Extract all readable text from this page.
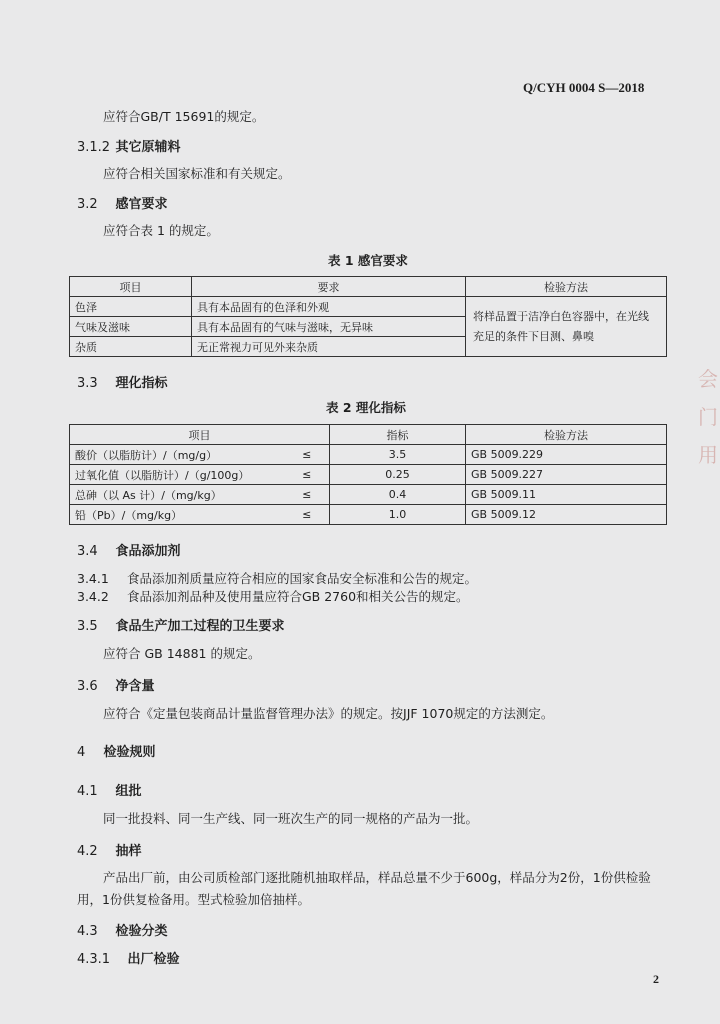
Q/CYH 0004 S—2018
应符合GB/T 15691的规定。
3.1.2 其它原辅料
应符合相关国家标准和有关规定。
3.2 感官要求
应符合表 1 的规定。
表 1 感官要求
项目	要求	检验方法
色泽	具有本品固有的色泽和外观	将样品置于洁净白色容器中，在光线充足的条件下目测、鼻嗅
气味及滋味	具有本品固有的气味与滋味，无异味	
杂质	无正常视力可见外来杂质	
3.3 理化指标
表 2 理化指标
项目		指标	检验方法
酸价（以脂肪计）/（mg/g）	≤	3.5	GB 5009.229
过氧化值（以脂肪计）/（g/100g）	≤	0.25	GB 5009.227
总砷（以 As 计）/（mg/kg）	≤	0.4	GB 5009.11
铅（Pb）/（mg/kg）	≤	1.0	GB 5009.12
3.4 食品添加剂
3.4.1 食品添加剂质量应符合相应的国家食品安全标准和公告的规定。
3.4.2 食品添加剂品种及使用量应符合GB 2760和相关公告的规定。
3.5 食品生产加工过程的卫生要求
应符合 GB 14881 的规定。
3.6 净含量
应符合《定量包装商品计量监督管理办法》的规定。按JJF 1070规定的方法测定。
4 检验规则
4.1 组批
同一批投料、同一生产线、同一班次生产的同一规格的产品为一批。
4.2 抽样
产品出厂前，由公司质检部门逐批随机抽取样品，样品总量不少于600g，样品分为2份，1份供检验
用，1份供复检备用。型式检验加倍抽样。
4.3 检验分类
4.3.1 出厂检验
会
门
用
2
